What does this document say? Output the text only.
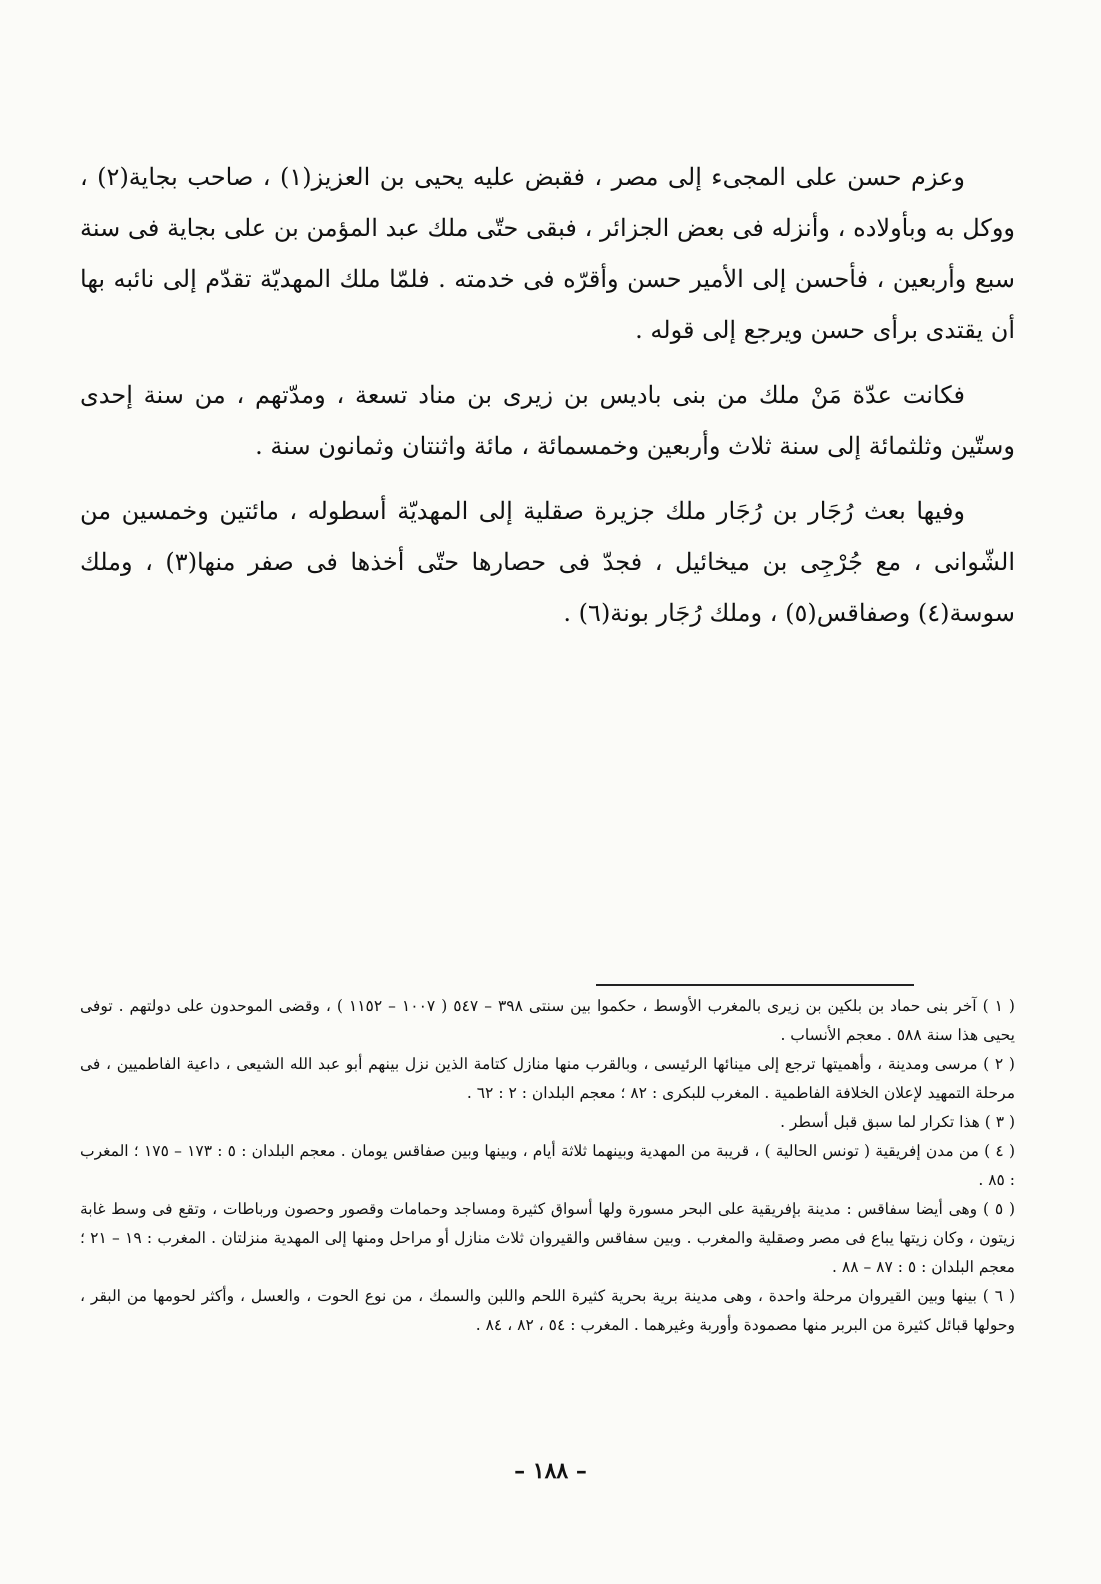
وعزم حسن على المجىء إلى مصر ، فقبض عليه يحيى بن العزيز(١) ، صاحب بجاية(٢) ، ووكل به وبأولاده ، وأنزله فى بعض الجزائر ، فبقى حتّى ملك عبد المؤمن بن على بجاية فى سنة سبع وأربعين ، فأحسن إلى الأمير حسن وأقرّه فى خدمته . فلمّا ملك المهديّة تقدّم إلى نائبه بها أن يقتدى برأى حسن ويرجع إلى قوله .

فكانت عدّة مَنْ ملك من بنى باديس بن زيرى بن مناد تسعة ، ومدّتهم ، من سنة إحدى وستّين وثلثمائة إلى سنة ثلاث وأربعين وخمسمائة ، مائة واثنتان وثمانون سنة .

وفيها بعث رُجَار بن رُجَار ملك جزيرة صقلية إلى المهديّة أسطوله ، مائتين وخمسين من الشّوانى ، مع جُرْجِى بن ميخائيل ، فجدّ فى حصارها حتّى أخذها فى صفر منها(٣) ، وملك سوسة(٤) وصفاقس(٥) ، وملك رُجَار بونة(٦) .

( ١ ) آخر بنى حماد بن بلكين بن زيرى بالمغرب الأوسط ، حكموا بين سنتى ٣٩٨ – ٥٤٧ ( ١٠٠٧ – ١١٥٢ ) ، وقضى الموحدون على دولتهم . توفى يحيى هذا سنة ٥٨٨ . معجم الأنساب .

( ٢ ) مرسى ومدينة ، وأهميتها ترجع إلى مينائها الرئيسى ، وبالقرب منها منازل كتامة الذين نزل بينهم أبو عبد الله الشيعى ، داعية الفاطميين ، فى مرحلة التمهيد لإعلان الخلافة الفاطمية . المغرب للبكرى : ٨٢ ؛ معجم البلدان : ٢ : ٦٢ .

( ٣ ) هذا تكرار لما سبق قبل أسطر .

( ٤ ) من مدن إفريقية ( تونس الحالية ) ، قريبة من المهدية وبينهما ثلاثة أيام ، وبينها وبين صفاقس يومان . معجم البلدان : ٥ : ١٧٣ – ١٧٥ ؛ المغرب : ٨٥ .

( ٥ ) وهى أيضا سفاقس : مدينة بإفريقية على البحر مسورة ولها أسواق كثيرة ومساجد وحمامات وقصور وحصون ورباطات ، وتقع فى وسط غابة زيتون ، وكان زيتها يباع فى مصر وصقلية والمغرب . وبين سفاقس والقيروان ثلاث منازل أو مراحل ومنها إلى المهدية منزلتان . المغرب : ١٩ – ٢١ ؛ معجم البلدان : ٥ : ٨٧ – ٨٨ .

( ٦ ) بينها وبين القيروان مرحلة واحدة ، وهى مدينة برية بحرية كثيرة اللحم واللبن والسمك ، من نوع الحوت ، والعسل ، وأكثر لحومها من البقر ، وحولها قبائل كثيرة من البربر منها مصمودة وأوربة وغيرهما . المغرب : ٥٤ ، ٨٢ ، ٨٤ .

– ١٨٨ –
